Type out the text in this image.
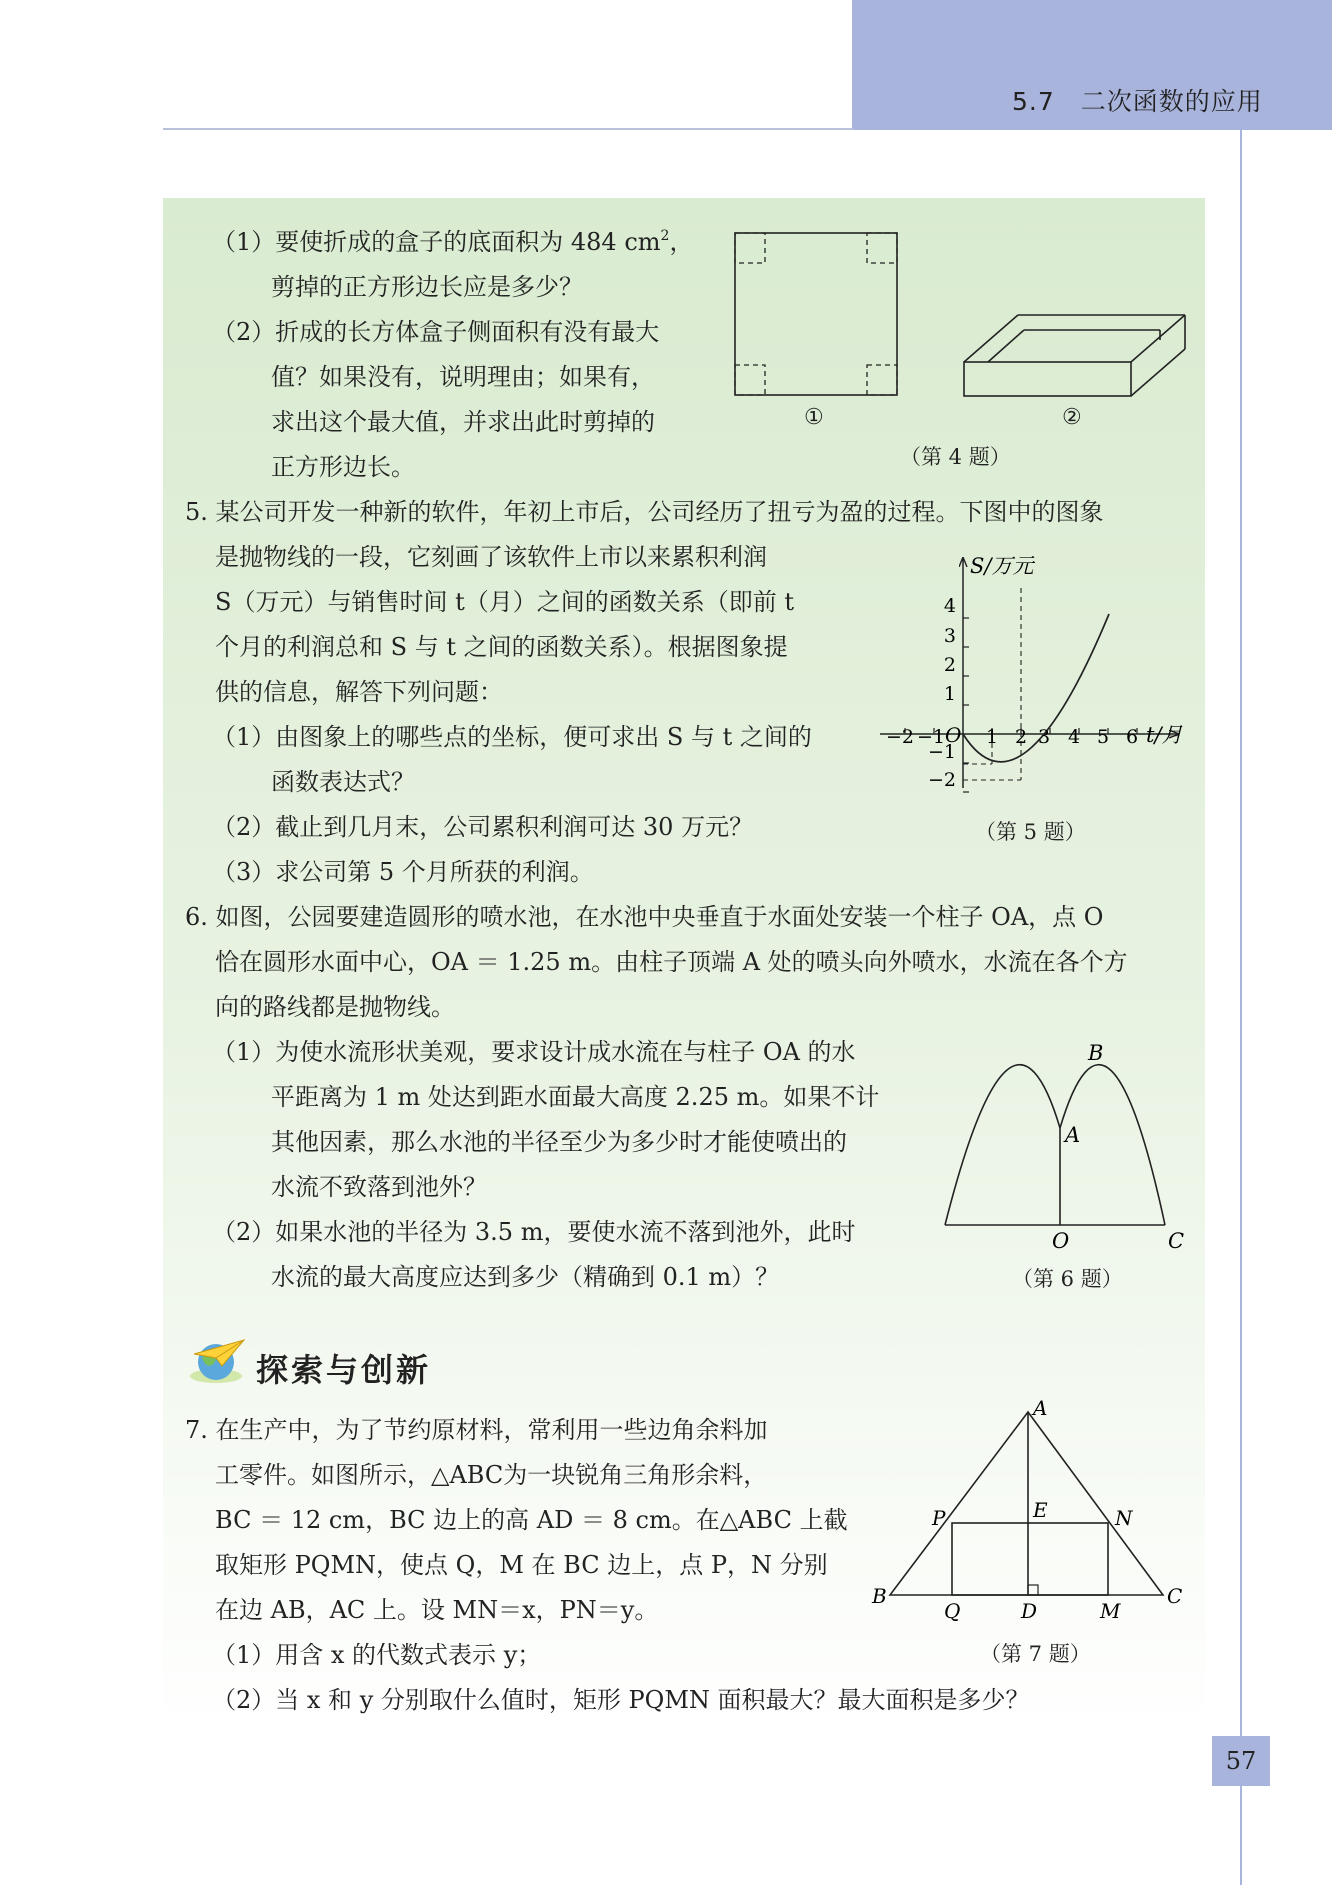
5.7　二次函数的应用
（1）要使折成的盒子的底面积为 484 $cm^2$，
剪掉的正方形边长应是多少？
（2）折成的长方体盒子侧面积有没有最大
值？如果没有，说明理由；如果有，
求出这个最大值，并求出此时剪掉的
正方形边长。
①	②
（第 4 题）
5. 某公司开发一种新的软件，年初上市后，公司经历了扭亏为盈的过程。下图中的图象
是抛物线的一段，它刻画了该软件上市以来累积利润
S（万元）与销售时间 t（月）之间的函数关系（即前 t
个月的利润总和 S 与 t 之间的函数关系）。根据图象提
供的信息，解答下列问题：
（1）由图象上的哪些点的坐标，便可求出 S 与 t 之间的
函数表达式？
（2）截止到几月末，公司累积利润可达 30 万元？
（3）求公司第 5 个月所获的利润。
S/万元
t/月
O
−2 −1 1 2 3 4 5 6
4
3
2
1
−1
−2
（第 5 题）
6. 如图，公园要建造圆形的喷水池，在水池中央垂直于水面处安装一个柱子 OA，点 O
恰在圆形水面中心，OA ＝ 1.25 m。由柱子顶端 A 处的喷头向外喷水，水流在各个方
向的路线都是抛物线。
（1）为使水流形状美观，要求设计成水流在与柱子 OA 的水
平距离为 1 m 处达到距水面最大高度 2.25 m。如果不计
其他因素，那么水池的半径至少为多少时才能使喷出的
水流不致落到池外？
（2）如果水池的半径为 3.5 m，要使水流不落到池外，此时
水流的最大高度应达到多少（精确到 0.1 m）？
B
A
O	C
（第 6 题）
探索与创新
7. 在生产中，为了节约原材料，常利用一些边角余料加
工零件。如图所示，△ABC为一块锐角三角形余料，
BC ＝ 12 cm，BC 边上的高 AD ＝ 8 cm。在△ABC 上截
取矩形 PQMN，使点 Q，M 在 BC 边上，点 P，N 分别
在边 AB，AC 上。设 MN＝x，PN＝y。
（1）用含 x 的代数式表示 y；
（2）当 x 和 y 分别取什么值时，矩形 PQMN 面积最大？最大面积是多少？
A
E
P	N
B	C
Q	D	M
（第 7 题）
57
